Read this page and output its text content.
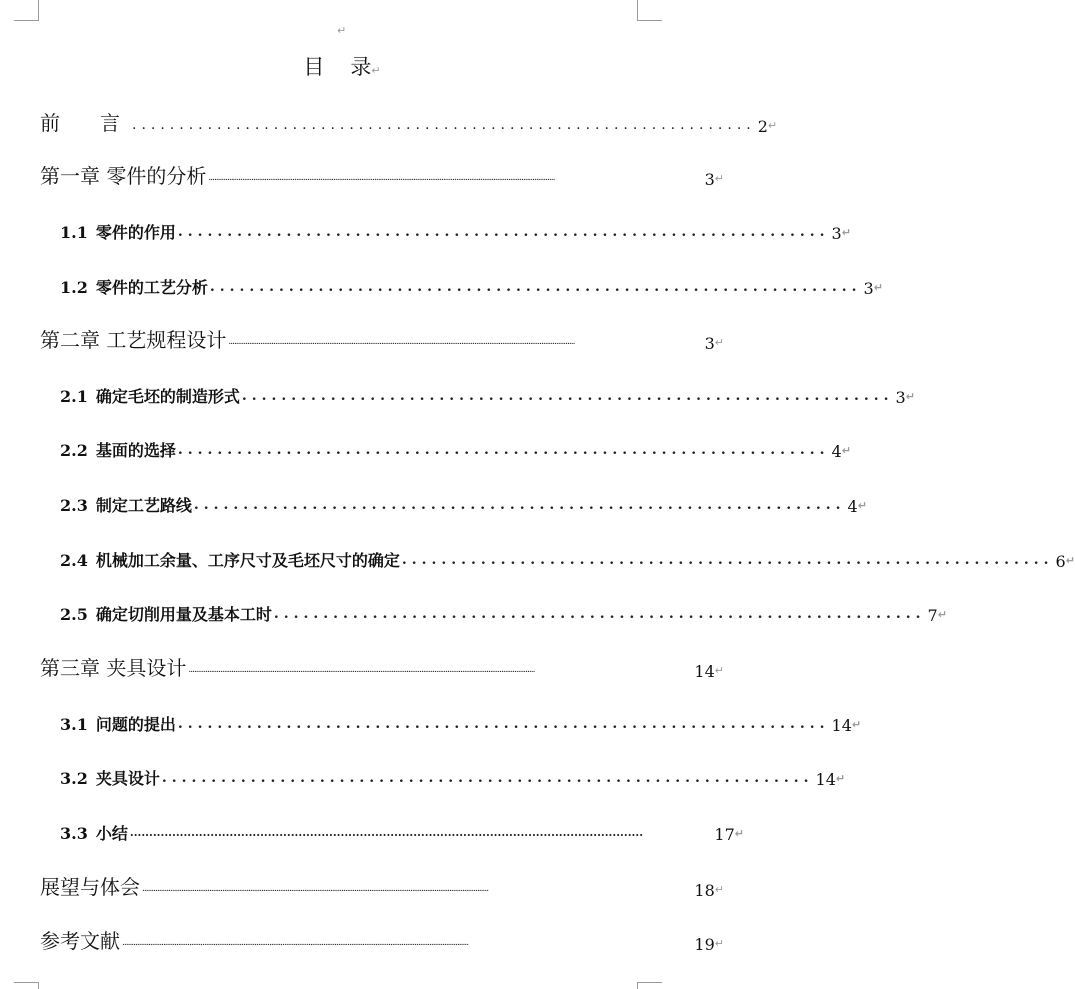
↵
目 录↵
前　言 .................................................................. 2 ↵
第一章 零件的分析 ..........................................................................................................................................................................................	3 ↵
1.1 零件的作用 .................................................................. 3 ↵
1.2 零件的工艺分析 .................................................................. 3 ↵
第二章 工艺规程设计 ..........................................................................................................................................................................................	3 ↵
2.1 确定毛坯的制造形式 .................................................................. 3 ↵
2.2 基面的选择 .................................................................. 4 ↵
2.3 制定工艺路线 .................................................................. 4 ↵
2.4 机械加工余量、工序尺寸及毛坯尺寸的确定 .................................................................. 6 ↵
2.5 确定切削用量及基本工时 .................................................................. 7 ↵
第三章 夹具设计 ..........................................................................................................................................................................................	14 ↵
3.1 问题的提出 .................................................................. 14 ↵
3.2 夹具设计 .................................................................. 14 ↵
3.3 小结 ......................................................................................................................................	17 ↵
展望与体会 ..........................................................................................................................................................................................	18 ↵
参考文献 ..........................................................................................................................................................................................	19 ↵
